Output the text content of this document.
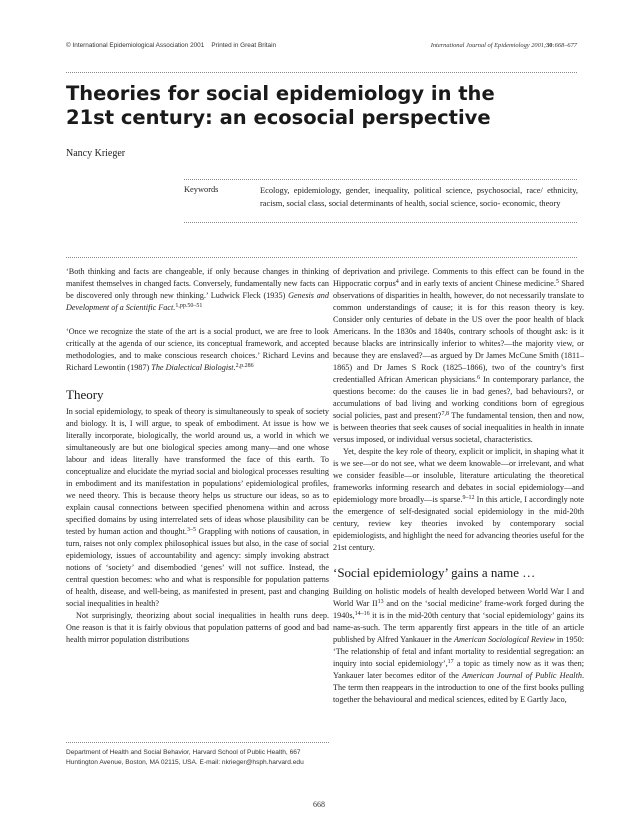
© International Epidemiological Association 2001 Printed in Great Britain	International Journal of Epidemiology 2001;30:668–677
Theories for social epidemiology in the
21st century: an ecosocial perspective
Nancy Krieger
Keywords	Ecology, epidemiology, gender, inequality, political science, psychosocial, race/ ethnicity, racism, social class, social determinants of health, social science, socio- economic, theory

‘Both thinking and facts are changeable, if only because changes in thinking manifest themselves in changed facts. Conversely, fundamentally new facts can be discovered only through new thinking.’ Ludwick Fleck (1935) Genesis and Development of a Scientific Fact.$^{1,pp.50-51}$

‘Once we recognize the state of the art is a social product, we are free to look critically at the agenda of our science, its conceptual framework, and accepted methodologies, and to make conscious research choices.’ Richard Levins and Richard Lewontin (1987) The Dialectical Biologist.$^{2,p.286}$

Theory

In social epidemiology, to speak of theory is simultaneously to speak of society and biology. It is, I will argue, to speak of embodiment. At issue is how we literally incorporate, biologically, the world around us, a world in which we simultaneously are but one biological species among many—and one whose labour and ideas literally have transformed the face of this earth. To conceptualize and elucidate the myriad social and biological processes resulting in embodiment and its manifestation in populations’ epidemiological profiles, we need theory. This is because theory helps us structure our ideas, so as to explain causal connections between specified phenomena within and across specified domains by using interrelated sets of ideas whose plausibility can be tested by human action and thought.$^{3-5}$ Grappling with notions of causation, in turn, raises not only complex philosophical issues but also, in the case of social epidemiology, issues of accountability and agency: simply invoking abstract notions of ‘society’ and disembodied ‘genes’ will not suffice. Instead, the central question becomes: who and what is responsible for population patterns of health, disease, and well-being, as manifested in present, past and changing social inequalities in health?

Not surprisingly, theorizing about social inequalities in health runs deep. One reason is that it is fairly obvious that population patterns of good and bad health mirror population distributions

of deprivation and privilege. Comments to this effect can be found in the Hippocratic corpus$^4$ and in early texts of ancient Chinese medicine.$^5$ Shared observations of disparities in health, however, do not necessarily translate to common understandings of cause; it is for this reason theory is key. Consider only centuries of debate in the US over the poor health of black Americans. In the 1830s and 1840s, contrary schools of thought ask: is it because blacks are intrinsically inferior to whites?—the majority view, or because they are enslaved?—as argued by Dr James McCune Smith (1811–1865) and Dr James S Rock (1825–1866), two of the country’s first credentialled African American physicians.$^6$ In contemporary parlance, the questions become: do the causes lie in bad genes?, bad behaviours?, or accumulations of bad living and working conditions born of egregious social policies, past and present?$^{7,8}$ The fundamental tension, then and now, is between theories that seek causes of social inequalities in health in innate versus imposed, or individual versus societal, characteristics.

Yet, despite the key role of theory, explicit or implicit, in shaping what it is we see—or do not see, what we deem knowable—or irrelevant, and what we consider feasible—or insoluble, literature articulating the theoretical frameworks informing research and debates in social epidemiology—and epidemiology more broadly—is sparse.$^{9-12}$ In this article, I accordingly note the emergence of self-designated social epidemiology in the mid-20th century, review key theories invoked by contemporary social epidemiologists, and highlight the need for advancing theories useful for the 21st century.

‘Social epidemiology’ gains a name …

Building on holistic models of health developed between World War I and World War II$^{13}$ and on the ‘social medicine’ frame-work forged during the 1940s,$^{14-16}$ it is in the mid-20th century that ‘social epidemiology’ gains its name-as-such. The term apparently first appears in the title of an article published by Alfred Yankauer in the American Sociological Review in 1950: ‘The relationship of fetal and infant mortality to residential segregation: an inquiry into social epidemiology’,$^{17}$ a topic as timely now as it was then; Yankauer later becomes editor of the American Journal of Public Health. The term then reappears in the introduction to one of the first books pulling together the behavioural and medical sciences, edited by E Gartly Jaco,

Department of Health and Social Behavior, Harvard School of Public Health, 667 Huntington Avenue, Boston, MA 02115, USA. E-mail: nkrieger@hsph.harvard.edu
668
